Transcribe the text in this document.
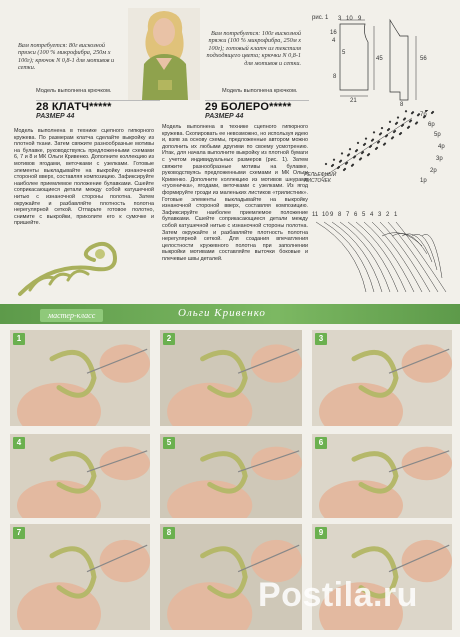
Вам потребуется: 80г вискозной пряжи (100 % микрофибра, 250м х 100г); крючок N 0,8-1 для мотивов и сетки.
Модель выполнена крючком.
Вам потребуется: 100г вискозной пряжи (100 % микрофибра, 250м х 100г); готовый клатч из текстиля подходящего цвета; крючки N 0,8-1 для мотивов и сетки.
Модель выполнена крючком.
28 КЛАТЧ*****
РАЗМЕР 44
29 БОЛЕРО*****
РАЗМЕР 44
рис. 1 3 10 9
16
4
5
8
45	56
21
8
РЕЛЬЕФНЫЙ ЛИСТОЧЕК
7р
6р
5р
4р
3р
2р
1р
11 10 9 8 7 6 5 4 3 2 1
Модель выполнена в технике сцепного гипюрного кружева. По размерам клатча сделайте выкройку из плотной ткани. Затем свяжите разнообразные мотивы на булавке, руководствуясь предложенными схемами 6, 7 и 8 и МК Ольги Кривенко. Дополните коллекцию из мотивов ягодами, веточками с узелками. Готовые элементы выкладывайте на выкройку изнаночной стороной вверх, составляя композицию. Зафиксируйте наиболее приемлемое положение булавками. Сшейте соприкасающиеся детали между собой катушечной нитью с изнаночной стороны полотна. Затем окружайте и разбавляйте плотность полотна нерегулярной сеткой. Отпарьте готовое полотно, снимите с выкройки, приколите его к сумочке и пришейте.
Модель выполнена в технике сцепного гипюрного кружева. Скопировать ее невозможно, но используя идею и, взяв за основу схемы, предложенные автором можно дополнить их любыми другими по своему усмотрению. Итак, для начала выполните выкройку из плотной бумаги с учетом индивидуальных размеров (рис. 1). Затем свяжите разнообразные мотивы на булавке, руководствуясь предложенными схемами и МК Ольги Кривенко. Дополните коллекцию из мотивов шнурами «гусеничка», ягодами, веточками с узелками. Из ягод формируйте грозди из маленьких листиков «трилистник». Готовые элементы выкладывайте на выкройку изнаночной стороной вверх, составляя композицию. Зафиксируйте наиболее приемлемое положение булавками. Сшейте соприкасающиеся детали между собой катушечной нитью с изнаночной стороны полотна. Затем окружайте и разбавляйте плотность полотна нерегулярной сеткой. Для создания впечатления целостности кружевного полотна при заполнении выкройки мотивами составляйте выточки боковые и плечевые швы деталей.
мастер-класс	Ольги Кривенко
1	2	3
4	5	6
7	8	9
Postila.ru
